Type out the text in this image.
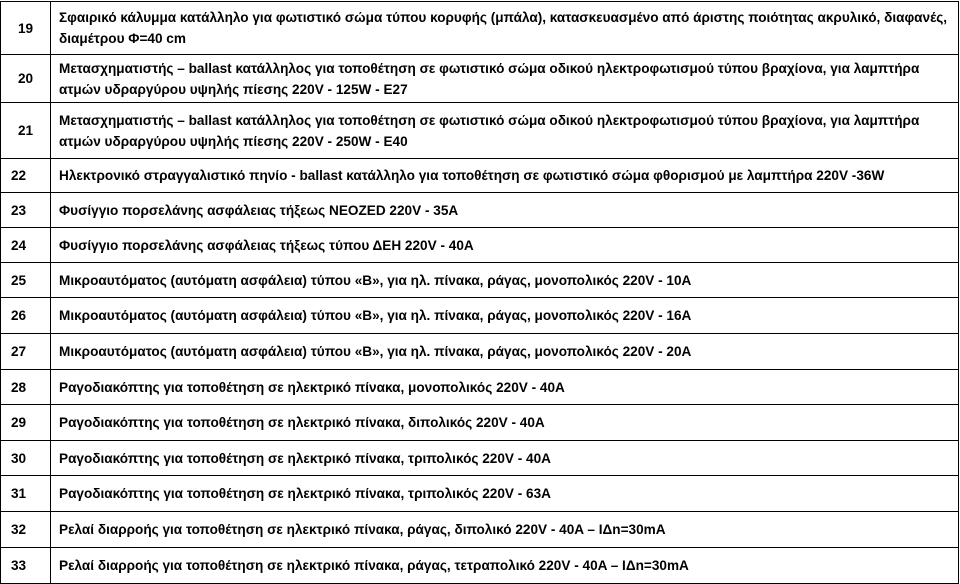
19	Σφαιρικό κάλυμμα κατάλληλο για φωτιστικό σώμα τύπου κορυφής (μπάλα), κατασκευασμένο από άριστης ποιότητας ακρυλικό, διαφανές, διαμέτρου Φ=40 cm

20	Μετασχηματιστής – ballast κατάλληλος για τοποθέτηση σε φωτιστικό σώμα οδικού ηλεκτροφωτισμού τύπου βραχίονα, για λαμπτήρα ατμών υδραργύρου υψηλής πίεσης 220V - 125W - E27

21	Μετασχηματιστής – ballast κατάλληλος για τοποθέτηση σε φωτιστικό σώμα οδικού ηλεκτροφωτισμού τύπου βραχίονα, για λαμπτήρα ατμών υδραργύρου υψηλής πίεσης 220V - 250W - E40

22	Ηλεκτρονικό στραγγαλιστικό πηνίο - ballast κατάλληλο για τοποθέτηση σε φωτιστικό σώμα φθορισμού με λαμπτήρα 220V -36W

23	Φυσίγγιο πορσελάνης ασφάλειας τήξεως NEOZED 220V - 35A

24	Φυσίγγιο πορσελάνης ασφάλειας τήξεως τύπου ΔΕΗ 220V - 40A

25	Μικροαυτόματος (αυτόματη ασφάλεια) τύπου «B», για ηλ. πίνακα, ράγας, μονοπολικός 220V - 10A

26	Μικροαυτόματος (αυτόματη ασφάλεια) τύπου «B», για ηλ. πίνακα, ράγας, μονοπολικός 220V - 16A

27	Μικροαυτόματος (αυτόματη ασφάλεια) τύπου «B», για ηλ. πίνακα, ράγας, μονοπολικός 220V - 20A

28	Ραγοδιακόπτης για τοποθέτηση σε ηλεκτρικό πίνακα, μονοπολικός 220V - 40A

29	Ραγοδιακόπτης για τοποθέτηση σε ηλεκτρικό πίνακα, διπολικός 220V - 40A

30	Ραγοδιακόπτης για τοποθέτηση σε ηλεκτρικό πίνακα, τριπολικός 220V - 40A

31	Ραγοδιακόπτης για τοποθέτηση σε ηλεκτρικό πίνακα, τριπολικός 220V - 63A

32	Ρελαί διαρροής για τοποθέτηση σε ηλεκτρικό πίνακα, ράγας, διπολικό 220V - 40A – IΔn=30mA

33	Ρελαί διαρροής για τοποθέτηση σε ηλεκτρικό πίνακα, ράγας, τετραπολικό 220V - 40A – IΔn=30mA
